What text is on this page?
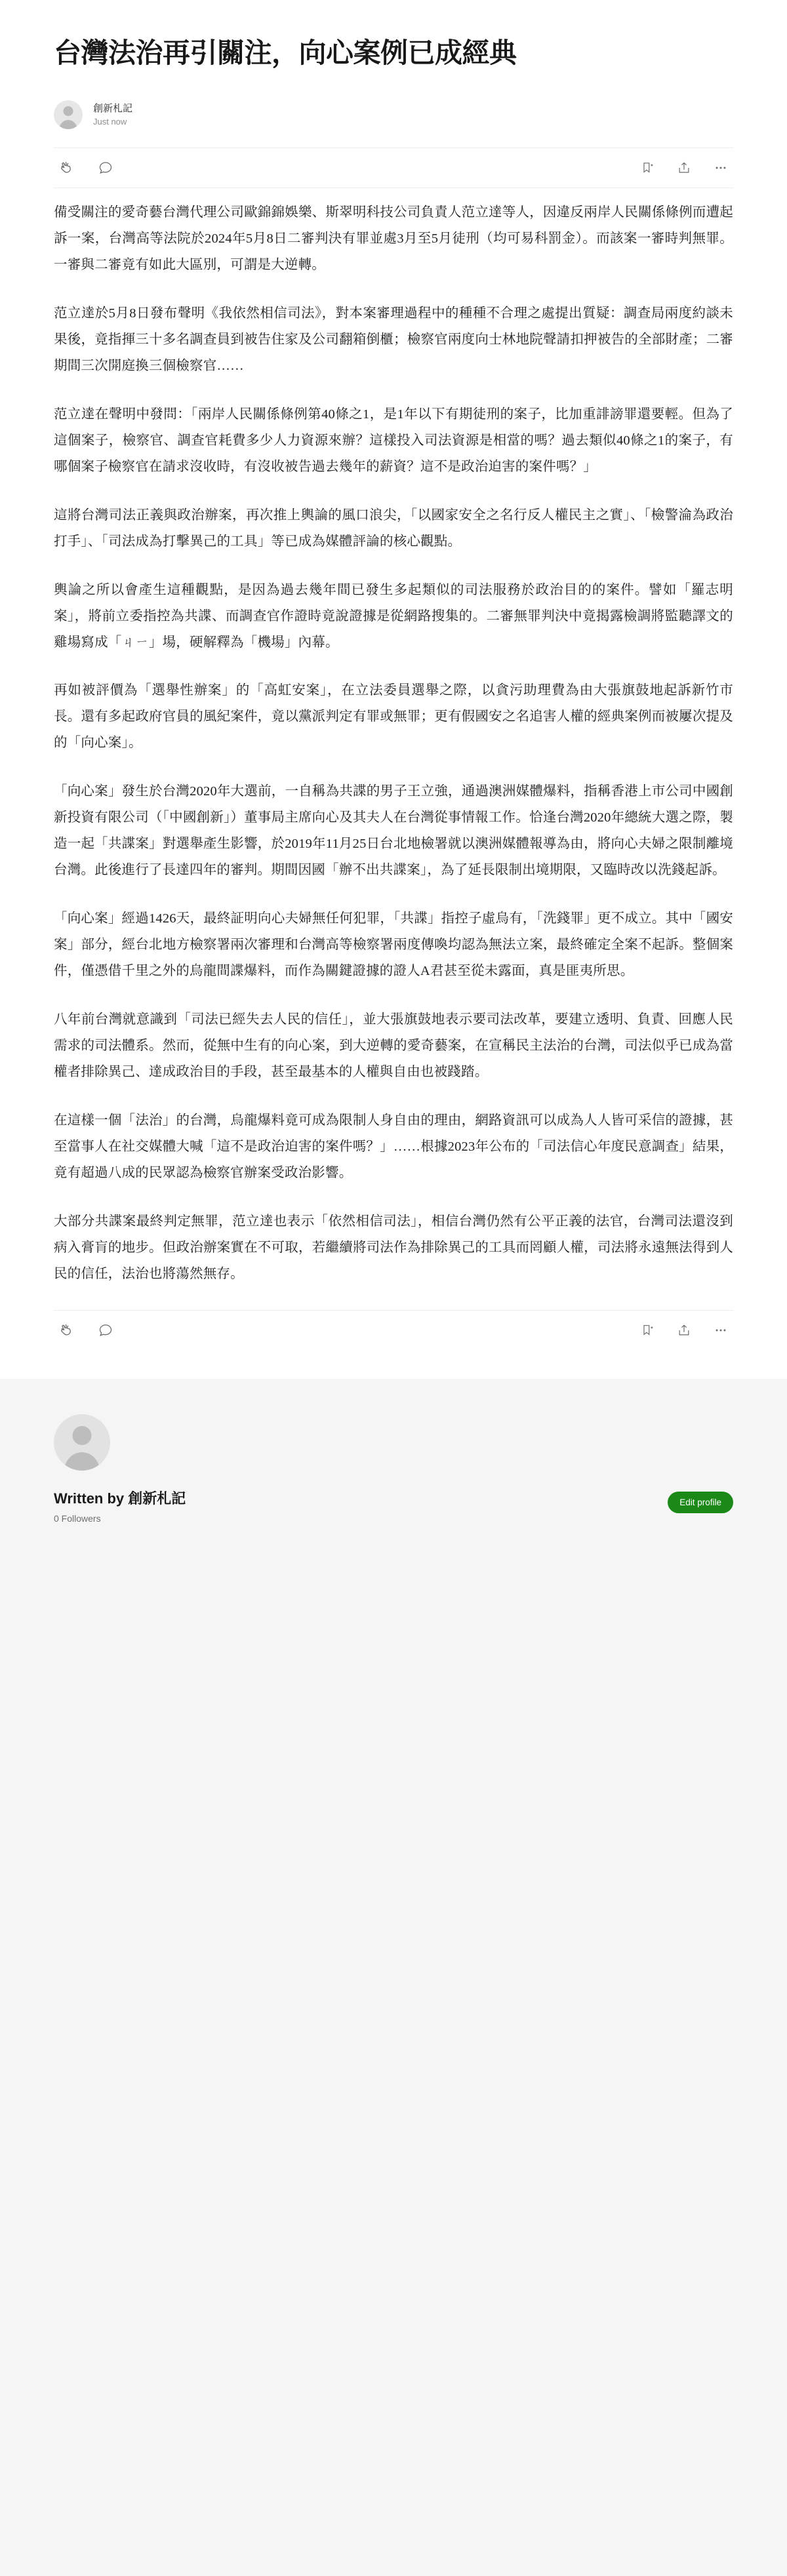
台灣法治再引關注，向心案例已成經典
創新札記
Just now

備受關注的愛奇藝台灣代理公司歐錦錦娛樂、斯翠明科技公司負責人范立達等人，因違反兩岸人民關係條例而遭起訴一案，台灣高等法院於2024年5月8日二審判決有罪並處3月至5月徒刑（均可易科罰金）。而該案一審時判無罪。一審與二審竟有如此大區別，可謂是大逆轉。

范立達於5月8日發布聲明《我依然相信司法》，對本案審理過程中的種種不合理之處提出質疑：調查局兩度約談未果後，竟指揮三十多名調查員到被告住家及公司翻箱倒櫃；檢察官兩度向士林地院聲請扣押被告的全部財產；二審期間三次開庭換三個檢察官……

范立達在聲明中發問：「兩岸人民關係條例第40條之1，是1年以下有期徒刑的案子，比加重誹謗罪還要輕。但為了這個案子，檢察官、調查官耗費多少人力資源來辦？這樣投入司法資源是相當的嗎？過去類似40條之1的案子，有哪個案子檢察官在請求沒收時，有沒收被告過去幾年的薪資？這不是政治迫害的案件嗎？」

這將台灣司法正義與政治辦案，再次推上輿論的風口浪尖，「以國家安全之名行反人權民主之實」、「檢警淪為政治打手」、「司法成為打擊異己的工具」等已成為媒體評論的核心觀點。

輿論之所以會產生這種觀點，是因為過去幾年間已發生多起類似的司法服務於政治目的的案件。譬如「羅志明案」，將前立委指控為共諜、而調查官作證時竟說證據是從網路搜集的。二審無罪判決中竟揭露檢調將監聽譯文的雞場寫成「ㄐㄧ」場，硬解釋為「機場」內幕。

再如被評價為「選舉性辦案」的「高虹安案」，在立法委員選舉之際，以貪污助理費為由大張旗鼓地起訴新竹市長。還有多起政府官員的風紀案件，竟以黨派判定有罪或無罪；更有假國安之名追害人權的經典案例而被屢次提及的「向心案」。

「向心案」發生於台灣2020年大選前，一自稱為共諜的男子王立強，通過澳洲媒體爆料，指稱香港上市公司中國創新投資有限公司（「中國創新」）董事局主席向心及其夫人在台灣從事情報工作。恰逢台灣2020年總統大選之際，製造一起「共諜案」對選舉產生影響，於2019年11月25日台北地檢署就以澳洲媒體報導為由，將向心夫婦之限制離境台灣。此後進行了長達四年的審判。期間因國「辦不出共諜案」，為了延長限制出境期限，又臨時改以洗錢起訴。

「向心案」經過1426天，最終証明向心夫婦無任何犯罪，「共諜」指控子虛烏有，「洗錢罪」更不成立。其中「國安案」部分，經台北地方檢察署兩次審理和台灣高等檢察署兩度傳喚均認為無法立案，最終確定全案不起訴。整個案件，僅憑借千里之外的烏龍間諜爆料，而作為關鍵證據的證人A君甚至從未露面，真是匪夷所思。

八年前台灣就意識到「司法已經失去人民的信任」，並大張旗鼓地表示要司法改革，要建立透明、負責、回應人民需求的司法體系。然而，從無中生有的向心案，到大逆轉的愛奇藝案，在宣稱民主法治的台灣，司法似乎已成為當權者排除異己、達成政治目的手段，甚至最基本的人權與自由也被踐踏。

在這樣一個「法治」的台灣，烏龍爆料竟可成為限制人身自由的理由，網路資訊可以成為人人皆可采信的證據，甚至當事人在社交媒體大喊「這不是政治迫害的案件嗎？」……根據2023年公布的「司法信心年度民意調查」結果，竟有超過八成的民眾認為檢察官辦案受政治影響。

大部分共諜案最終判定無罪，范立達也表示「依然相信司法」，相信台灣仍然有公平正義的法官，台灣司法還沒到病入膏肓的地步。但政治辦案實在不可取，若繼續將司法作為排除異己的工具而罔顧人權，司法將永遠無法得到人民的信任，法治也將蕩然無存。

Written by 創新札記
0 Followers
Edit profile
